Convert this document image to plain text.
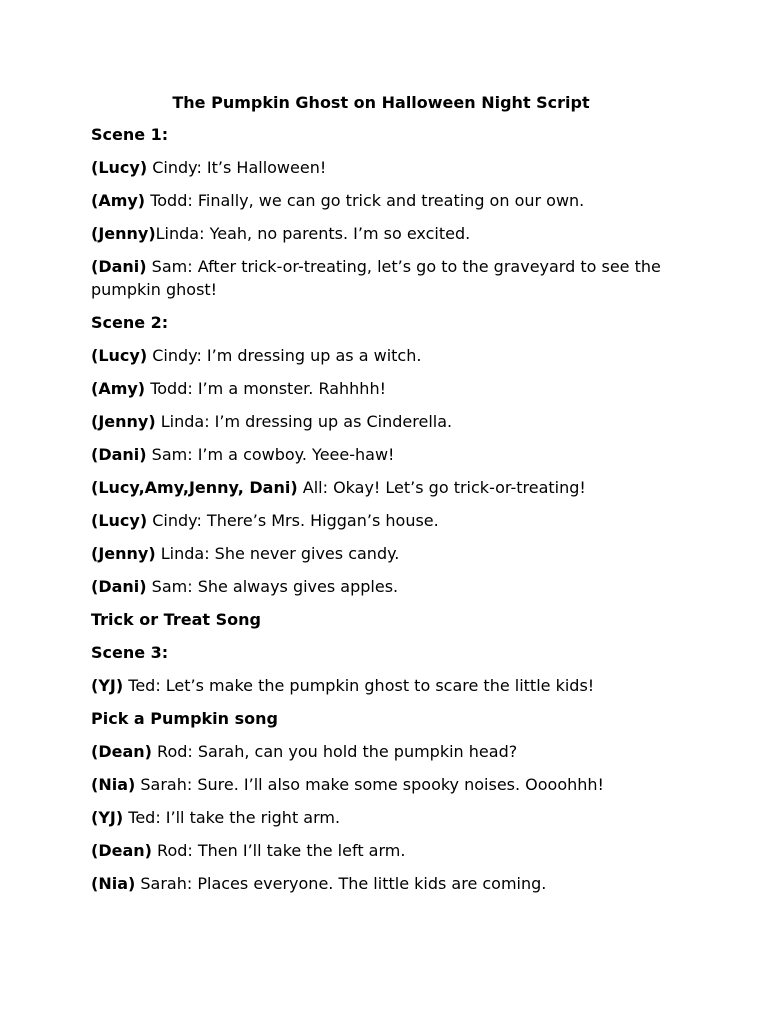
The Pumpkin Ghost on Halloween Night Script
Scene 1:
(Lucy) Cindy: It’s Halloween!
(Amy) Todd: Finally, we can go trick and treating on our own.
(Jenny)Linda: Yeah, no parents. I’m so excited.
(Dani) Sam: After trick-or-treating, let’s go to the graveyard to see the pumpkin ghost!
Scene 2:
(Lucy) Cindy: I’m dressing up as a witch.
(Amy) Todd: I’m a monster. Rahhhh!
(Jenny) Linda: I’m dressing up as Cinderella.
(Dani) Sam: I’m a cowboy. Yeee-haw!
(Lucy,Amy,Jenny, Dani) All: Okay! Let’s go trick-or-treating!
(Lucy) Cindy: There’s Mrs. Higgan’s house.
(Jenny) Linda: She never gives candy.
(Dani) Sam: She always gives apples.
Trick or Treat Song
Scene 3:
(YJ) Ted: Let’s make the pumpkin ghost to scare the little kids!
Pick a Pumpkin song
(Dean) Rod: Sarah, can you hold the pumpkin head?
(Nia) Sarah: Sure. I’ll also make some spooky noises. Oooohhh!
(YJ) Ted: I’ll take the right arm.
(Dean) Rod: Then I’ll take the left arm.
(Nia) Sarah: Places everyone. The little kids are coming.
